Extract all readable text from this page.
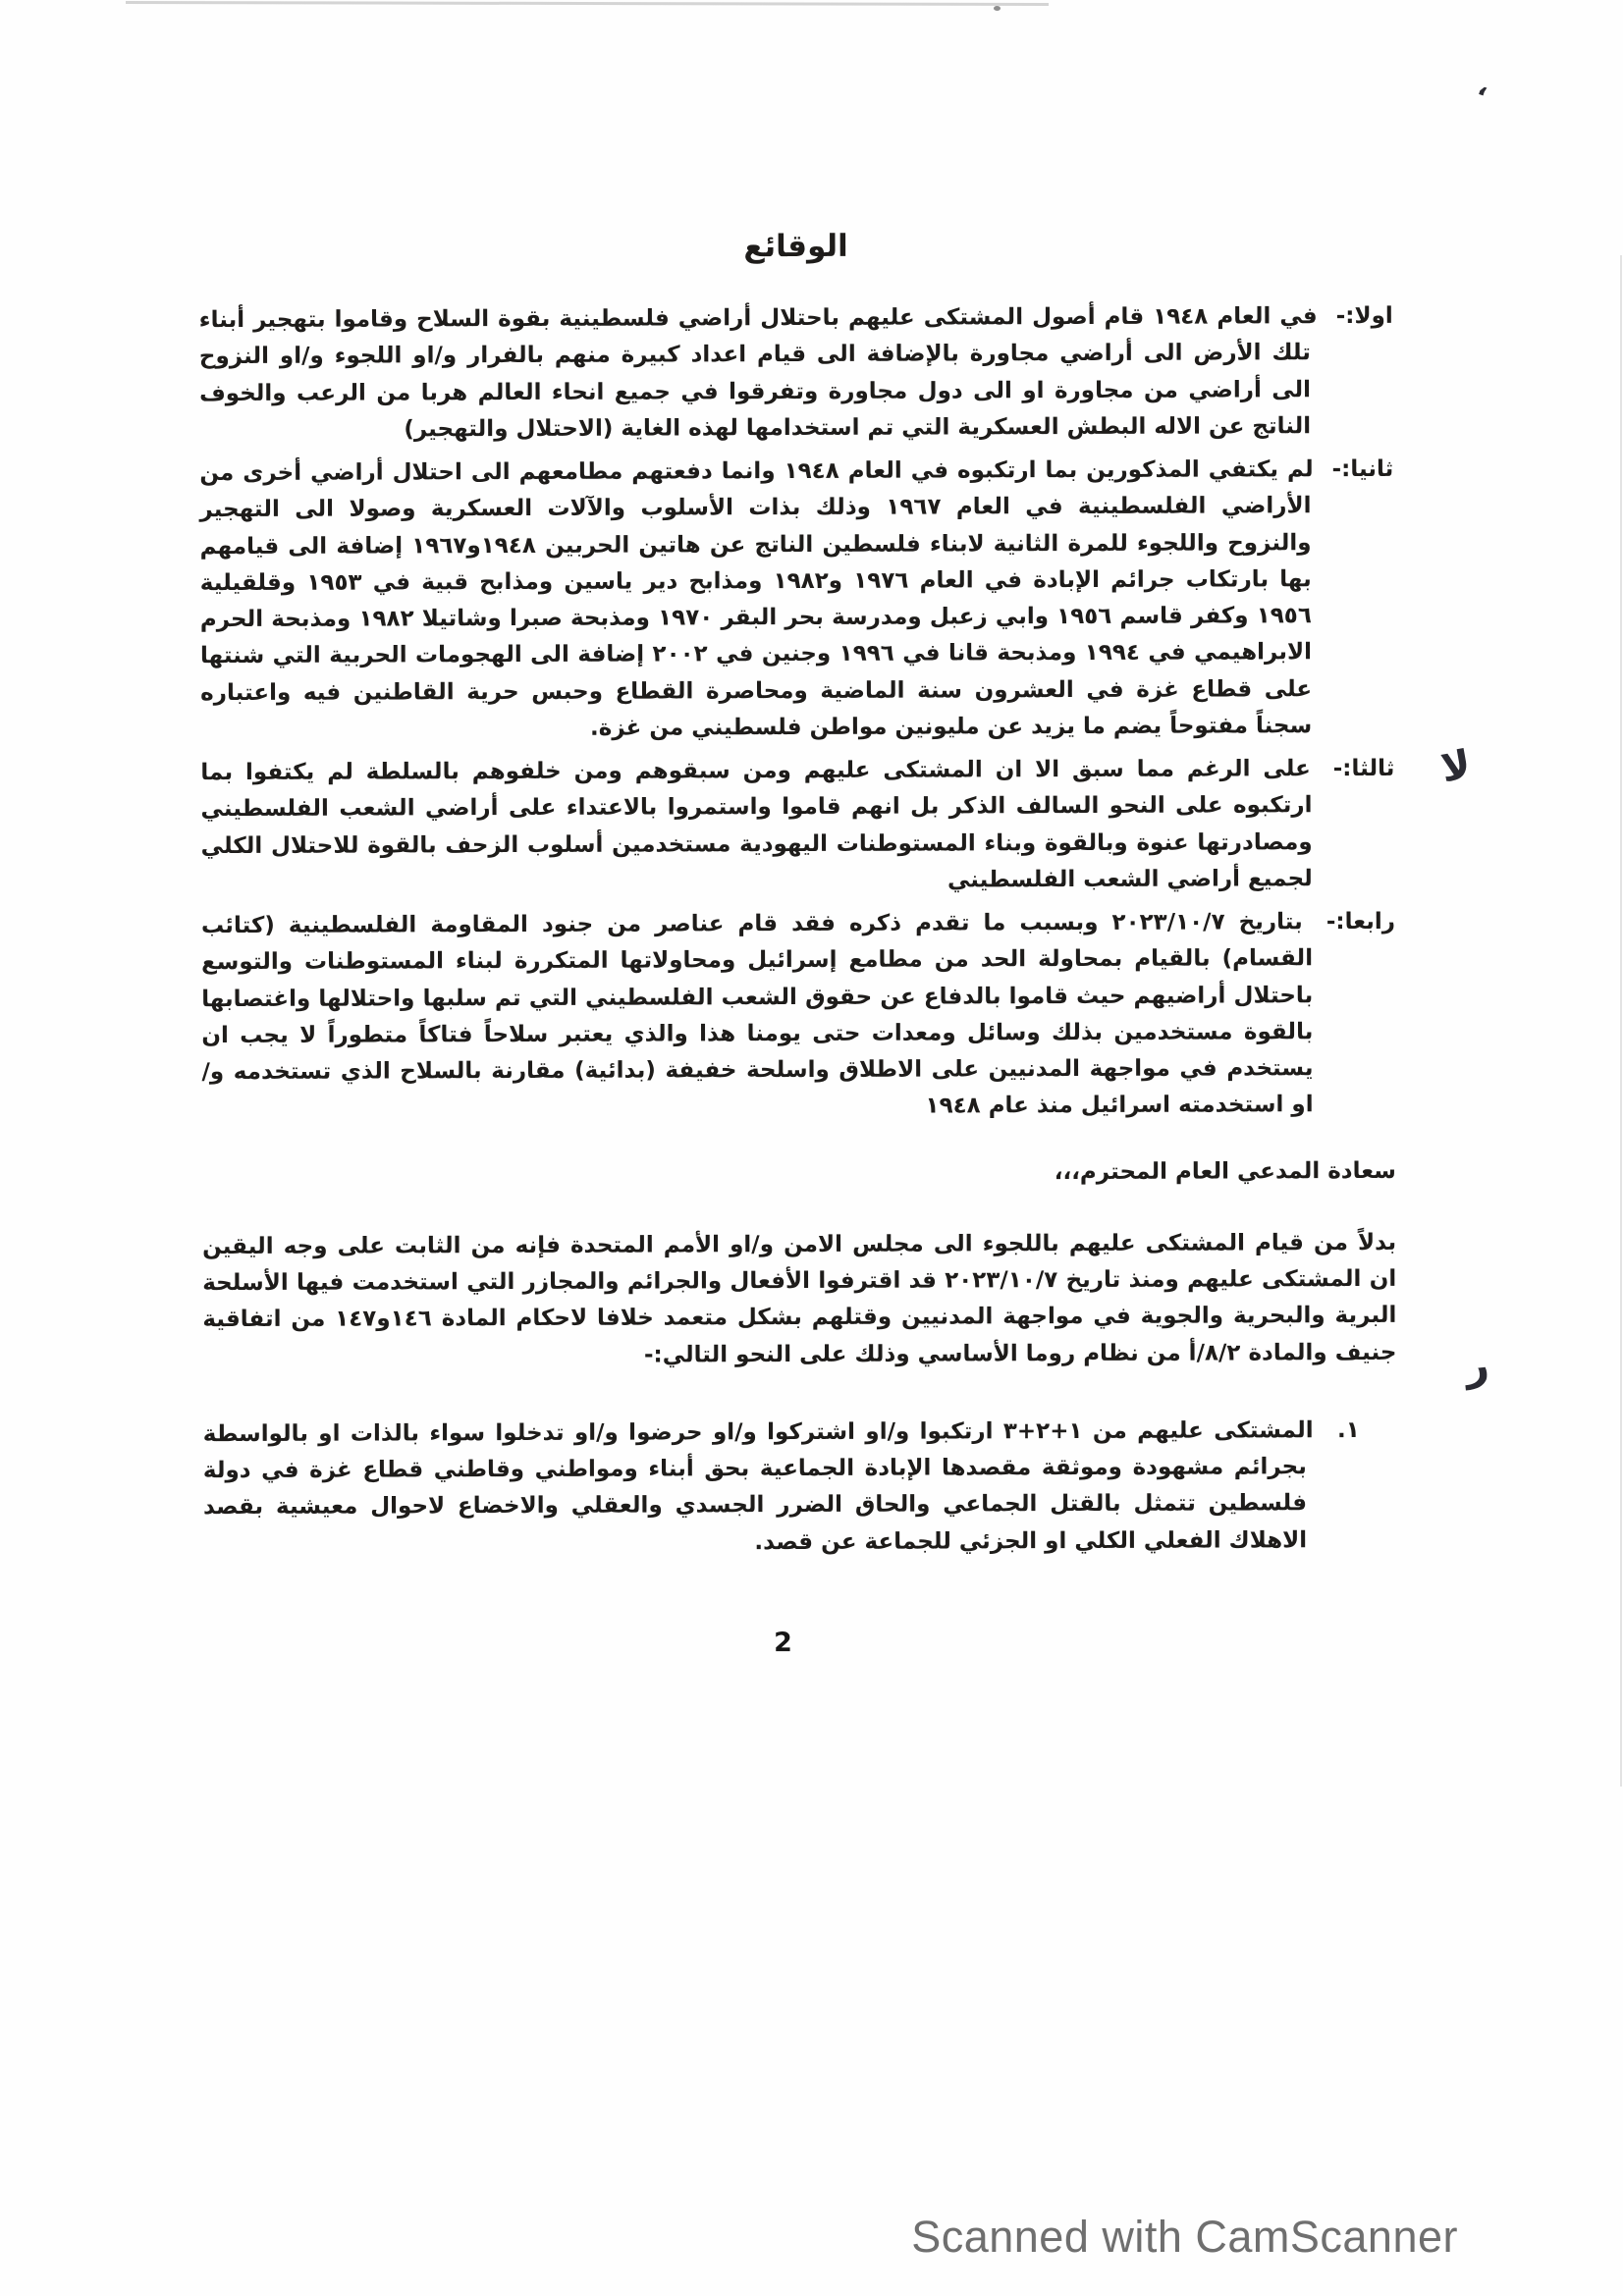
الوقائع

اولا:- في العام ١٩٤٨ قام أصول المشتكى عليهم باحتلال أراضي فلسطينية بقوة السلاح وقاموا بتهجير أبناء تلك الأرض الى أراضي مجاورة بالإضافة الى قيام اعداد كبيرة منهم بالفرار و/او اللجوء و/او النزوح الى أراضي من مجاورة او الى دول مجاورة وتفرقوا في جميع انحاء العالم هربا من الرعب والخوف الناتج عن الاله البطش العسكرية التي تم استخدامها لهذه الغاية (الاحتلال والتهجير)

ثانيا:- لم يكتفي المذكورين بما ارتكبوه في العام ١٩٤٨ وانما دفعتهم مطامعهم الى احتلال أراضي أخرى من الأراضي الفلسطينية في العام ١٩٦٧ وذلك بذات الأسلوب والآلات العسكرية وصولا الى التهجير والنزوح واللجوء للمرة الثانية لابناء فلسطين الناتج عن هاتين الحربين ١٩٤٨و١٩٦٧ إضافة الى قيامهم بها بارتكاب جرائم الإبادة في العام ١٩٧٦ و١٩٨٢ ومذابح دير ياسين ومذابح قبية في ١٩٥٣ وقلقيلية ١٩٥٦ وكفر قاسم ١٩٥٦ وابي زعبل ومدرسة بحر البقر ١٩٧٠ ومذبحة صبرا وشاتيلا ١٩٨٢ ومذبحة الحرم الابراهيمي في ١٩٩٤ ومذبحة قانا في ١٩٩٦ وجنين في ٢٠٠٢ إضافة الى الهجومات الحربية التي شنتها على قطاع غزة في العشرون سنة الماضية ومحاصرة القطاع وحبس حرية القاطنين فيه واعتباره سجناً مفتوحاً يضم ما يزيد عن مليونين مواطن فلسطيني من غزة.

ثالثا:- على الرغم مما سبق الا ان المشتكى عليهم ومن سبقوهم ومن خلفوهم بالسلطة لم يكتفوا بما ارتكبوه على النحو السالف الذكر بل انهم قاموا واستمروا بالاعتداء على أراضي الشعب الفلسطيني ومصادرتها عنوة وبالقوة وبناء المستوطنات اليهودية مستخدمين أسلوب الزحف بالقوة للاحتلال الكلي لجميع أراضي الشعب الفلسطيني

رابعا:- بتاريخ ٢٠٢٣/١٠/٧ وبسبب ما تقدم ذكره فقد قام عناصر من جنود المقاومة الفلسطينية (كتائب القسام) بالقيام بمحاولة الحد من مطامع إسرائيل ومحاولاتها المتكررة لبناء المستوطنات والتوسع باحتلال أراضيهم حيث قاموا بالدفاع عن حقوق الشعب الفلسطيني التي تم سلبها واحتلالها واغتصابها بالقوة مستخدمين بذلك وسائل ومعدات حتى يومنا هذا والذي يعتبر سلاحاً فتاكاً متطوراً لا يجب ان يستخدم في مواجهة المدنيين على الاطلاق واسلحة خفيفة (بدائية) مقارنة بالسلاح الذي تستخدمه و/او استخدمته اسرائيل منذ عام ١٩٤٨

سعادة المدعي العام المحترم،،،

بدلاً من قيام المشتكى عليهم باللجوء الى مجلس الامن و/او الأمم المتحدة فإنه من الثابت على وجه اليقين ان المشتكى عليهم ومنذ تاريخ ٢٠٢٣/١٠/٧ قد اقترفوا الأفعال والجرائم والمجازر التي استخدمت فيها الأسلحة البرية والبحرية والجوية في مواجهة المدنيين وقتلهم بشكل متعمد خلافا لاحكام المادة ١٤٦و١٤٧ من اتفاقية جنيف والمادة ٨/٢/أ من نظام روما الأساسي وذلك على النحو التالي:-

١. المشتكى عليهم من ١+٢+٣ ارتكبوا و/او اشتركوا و/او حرضوا و/او تدخلوا سواء بالذات او بالواسطة بجرائم مشهودة وموثقة مقصدها الإبادة الجماعية بحق أبناء ومواطني وقاطني قطاع غزة في دولة فلسطين تتمثل بالقتل الجماعي والحاق الضرر الجسدي والعقلي والاخضاع لاحوال معيشية بقصد الاهلاك الفعلي الكلي او الجزئي للجماعة عن قصد.
2
،
لا
ر
Scanned with CamScanner
